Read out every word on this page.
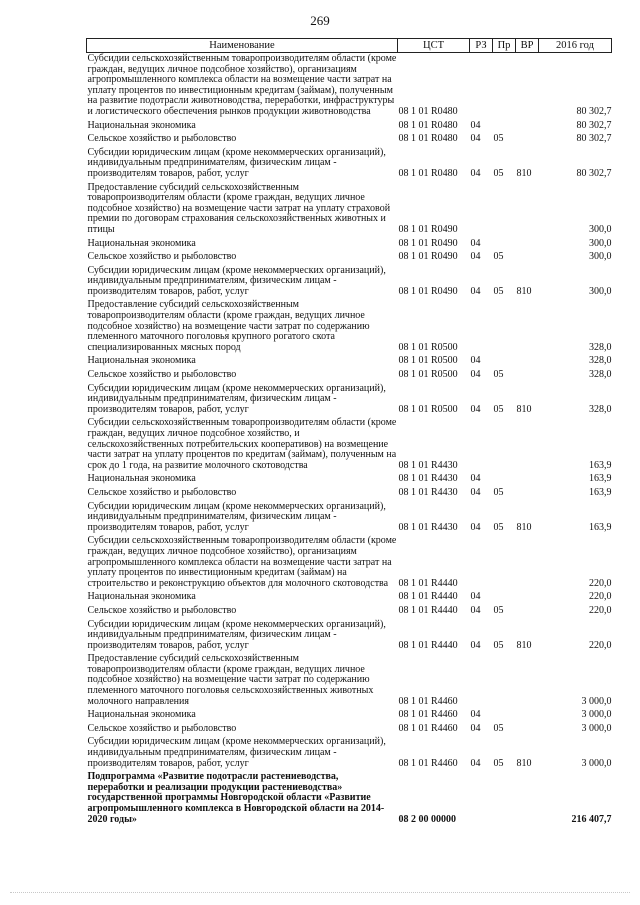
269
Наименование	ЦСТ	РЗ	Пр	ВР	2016 год
Субсидии сельскохозяйственным товаропроизводителям области (кроме граждан, ведущих личное подсобное хозяйство), организациям агропромышленного комплекса области на возмещение части затрат на уплату процентов по инвестиционным кредитам (займам), полученным на развитие подотрасли животноводства, переработки, инфраструктуры и логистического обеспечения рынков продукции животноводства	08 1 01 R0480				80 302,7
Национальная экономика	08 1 01 R0480	04			80 302,7
Сельское хозяйство и рыболовство	08 1 01 R0480	04	05		80 302,7
Субсидии юридическим лицам (кроме некоммерческих организаций), индивидуальным предпринимателям, физическим лицам - производителям товаров, работ, услуг	08 1 01 R0480	04	05	810	80 302,7
Предоставление субсидий сельскохозяйственным товаропроизводителям области (кроме граждан, ведущих личное подсобное хозяйство) на возмещение части затрат на уплату страховой премии по договорам страхования сельскохозяйственных животных и птицы	08 1 01 R0490				300,0
Национальная экономика	08 1 01 R0490	04			300,0
Сельское хозяйство и рыболовство	08 1 01 R0490	04	05		300,0
Субсидии юридическим лицам (кроме некоммерческих организаций), индивидуальным предпринимателям, физическим лицам - производителям товаров, работ, услуг	08 1 01 R0490	04	05	810	300,0
Предоставление субсидий сельскохозяйственным товаропроизводителям области (кроме граждан, ведущих личное подсобное хозяйство) на возмещение части затрат по содержанию племенного маточного поголовья крупного рогатого скота специализированных мясных пород	08 1 01 R0500				328,0
Национальная экономика	08 1 01 R0500	04			328,0
Сельское хозяйство и рыболовство	08 1 01 R0500	04	05		328,0
Субсидии юридическим лицам (кроме некоммерческих организаций), индивидуальным предпринимателям, физическим лицам - производителям товаров, работ, услуг	08 1 01 R0500	04	05	810	328,0
Субсидии сельскохозяйственным товаропроизводителям области (кроме граждан, ведущих личное подсобное хозяйство, и сельскохозяйственных потребительских кооперативов) на возмещение части затрат на уплату процентов по кредитам (займам), полученным на срок до 1 года, на развитие молочного скотоводства	08 1 01 R4430				163,9
Национальная экономика	08 1 01 R4430	04			163,9
Сельское хозяйство и рыболовство	08 1 01 R4430	04	05		163,9
Субсидии юридическим лицам (кроме некоммерческих организаций), индивидуальным предпринимателям, физическим лицам - производителям товаров, работ, услуг	08 1 01 R4430	04	05	810	163,9
Субсидии сельскохозяйственным товаропроизводителям области (кроме граждан, ведущих личное подсобное хозяйство), организациям агропромышленного комплекса области на возмещение части затрат на уплату процентов по инвестиционным кредитам (займам) на строительство и реконструкцию объектов для молочного скотоводства	08 1 01 R4440				220,0
Национальная экономика	08 1 01 R4440	04			220,0
Сельское хозяйство и рыболовство	08 1 01 R4440	04	05		220,0
Субсидии юридическим лицам (кроме некоммерческих организаций), индивидуальным предпринимателям, физическим лицам - производителям товаров, работ, услуг	08 1 01 R4440	04	05	810	220,0
Предоставление субсидий сельскохозяйственным товаропроизводителям области (кроме граждан, ведущих личное подсобное хозяйство) на возмещение части затрат по содержанию племенного маточного поголовья сельскохозяйственных животных молочного направления	08 1 01 R4460				3 000,0
Национальная экономика	08 1 01 R4460	04			3 000,0
Сельское хозяйство и рыболовство	08 1 01 R4460	04	05		3 000,0
Субсидии юридическим лицам (кроме некоммерческих организаций), индивидуальным предпринимателям, физическим лицам - производителям товаров, работ, услуг	08 1 01 R4460	04	05	810	3 000,0
Подпрограмма «Развитие подотрасли растениеводства, переработки и реализации продукции растениеводства» государственной программы Новгородской области «Развитие агропромышленного комплекса в Новгородской области на 2014-2020 годы»	08 2 00 00000				216 407,7
